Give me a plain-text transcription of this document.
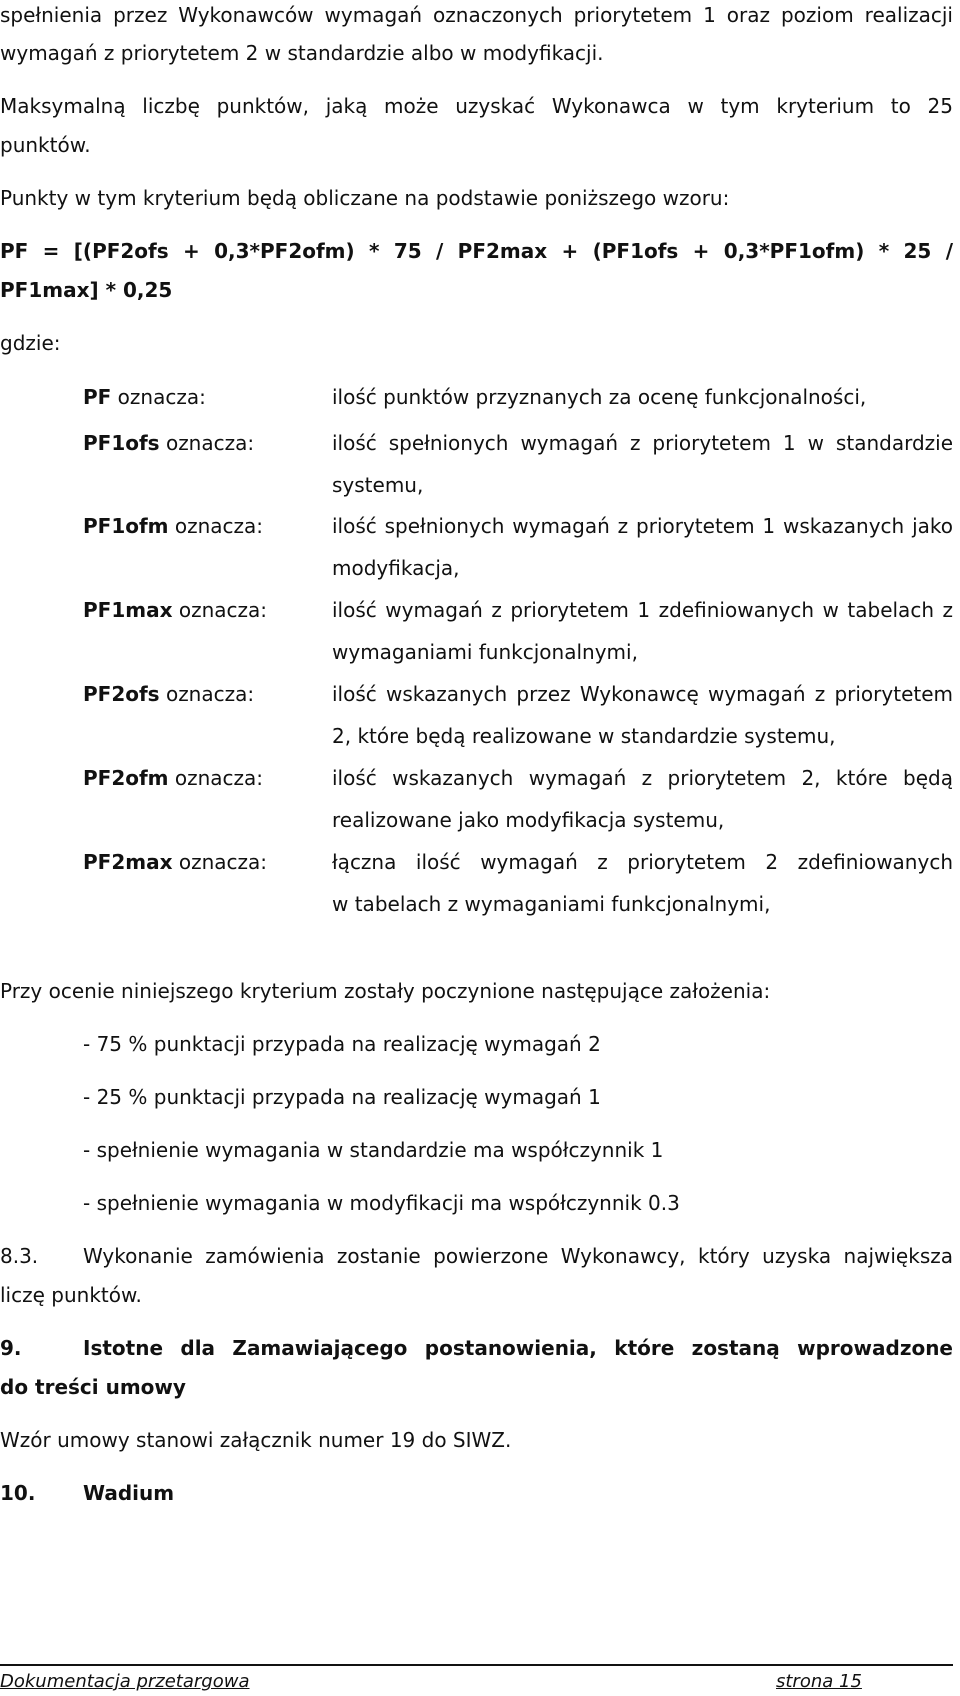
spełnienia przez Wykonawców wymagań oznaczonych priorytetem 1 oraz poziom realizacji
wymagań z priorytetem 2 w standardzie albo w modyfikacji.
Maksymalną liczbę punktów, jaką może uzyskać Wykonawca w tym kryterium to 25
punktów.
Punkty w tym kryterium będą obliczane na podstawie poniższego wzoru:
PF = [(PF2ofs + 0,3*PF2ofm) * 75 / PF2max + (PF1ofs + 0,3*PF1ofm) * 25 /
PF1max] * 0,25
gdzie:
PF oznacza:	ilość punktów przyznanych za ocenę funkcjonalności,
PF1ofs oznacza:	ilość spełnionych wymagań z priorytetem 1 w standardzie
systemu,
PF1ofm oznacza:	ilość spełnionych wymagań z priorytetem 1 wskazanych jako
modyfikacja,
PF1max oznacza:	ilość wymagań z priorytetem 1 zdefiniowanych w tabelach z
wymaganiami funkcjonalnymi,
PF2ofs oznacza:	ilość wskazanych przez Wykonawcę wymagań z priorytetem
2, które będą realizowane w standardzie systemu,
PF2ofm oznacza:	ilość wskazanych wymagań z priorytetem 2, które będą
realizowane jako modyfikacja systemu,
PF2max oznacza:	łączna ilość wymagań z priorytetem 2 zdefiniowanych
w tabelach z wymaganiami funkcjonalnymi,
Przy ocenie niniejszego kryterium zostały poczynione następujące założenia:
- 75 % punktacji przypada na realizację wymagań 2
- 25 % punktacji przypada na realizację wymagań 1
- spełnienie wymagania w standardzie ma współczynnik 1
- spełnienie wymagania w modyfikacji ma współczynnik 0.3
8.3. Wykonanie zamówienia zostanie powierzone Wykonawcy, który uzyska największa
liczę punktów.
9.	Istotne dla Zamawiającego postanowienia, które zostaną wprowadzone
do treści umowy
Wzór umowy stanowi załącznik numer 19 do SIWZ.
10. Wadium
Dokumentacja przetargowa	strona 15
